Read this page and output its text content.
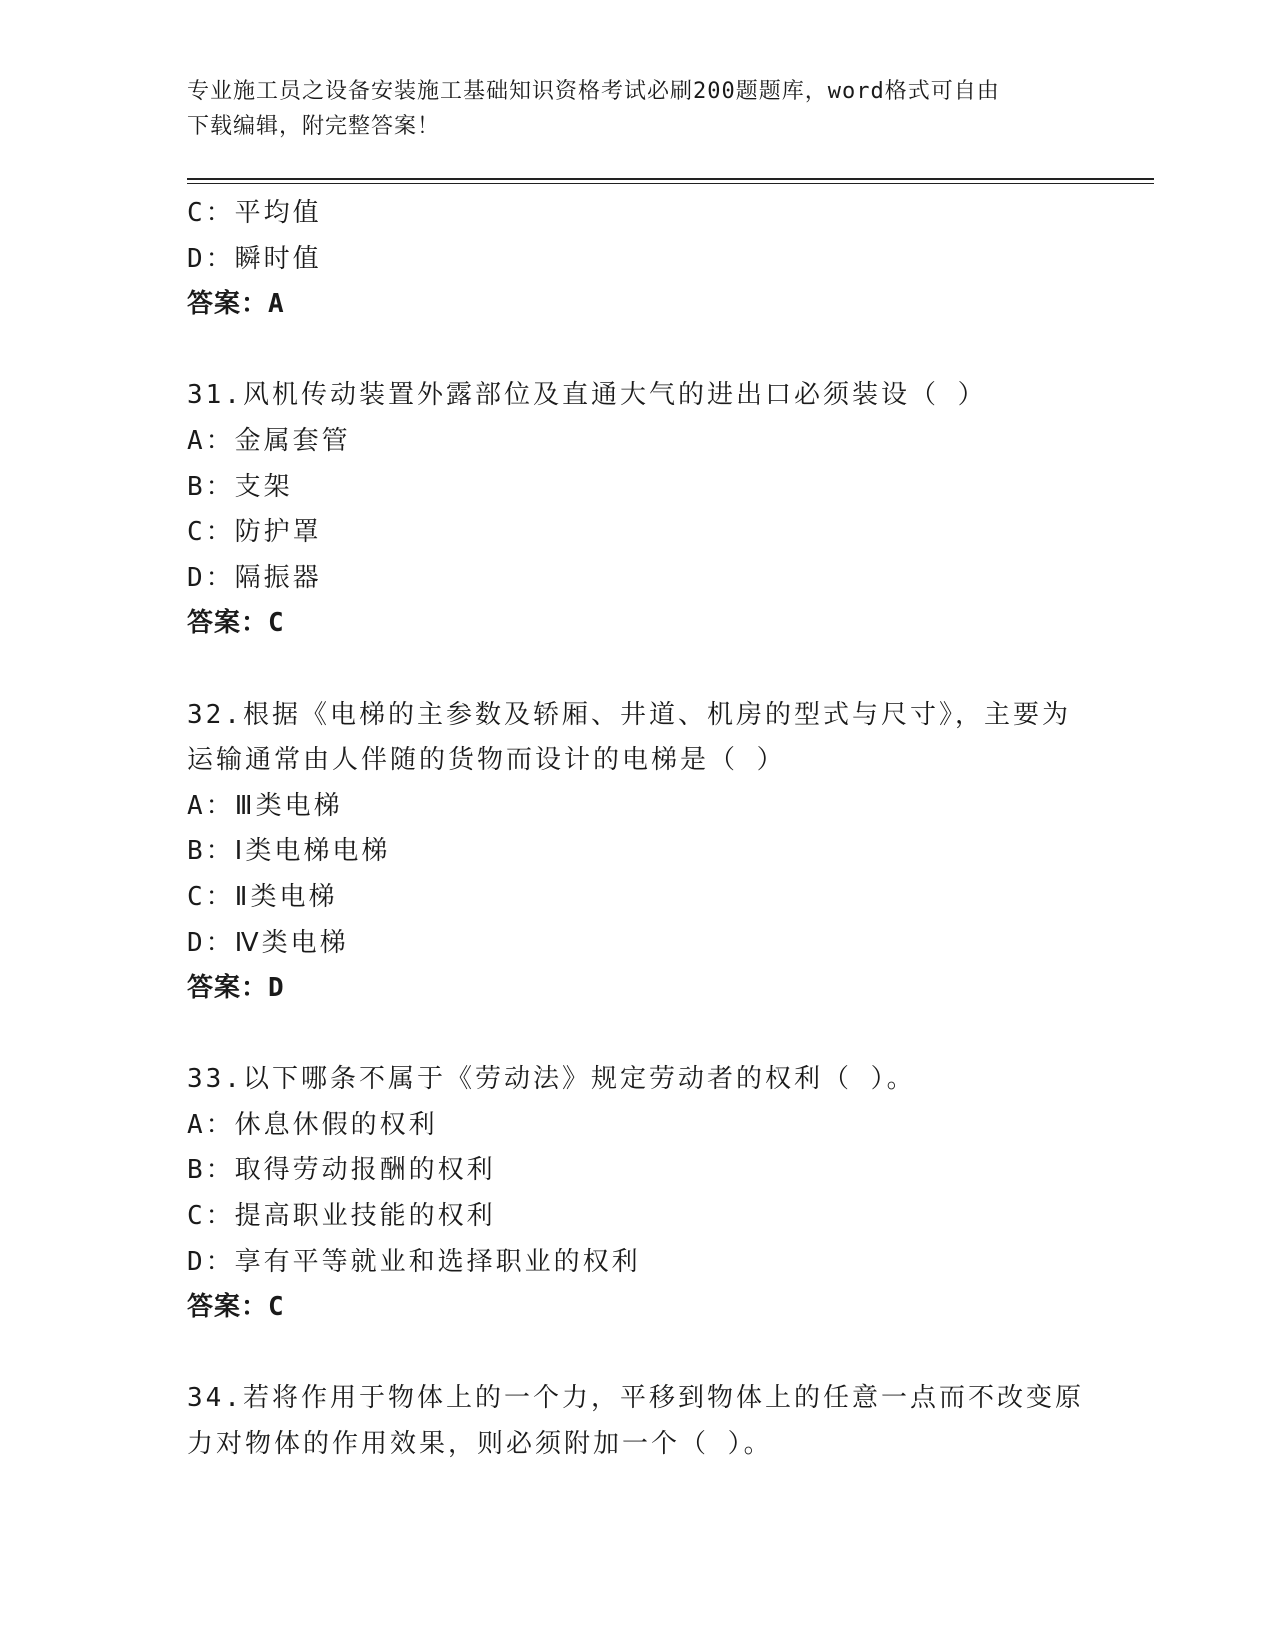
专业施工员之设备安装施工基础知识资格考试必刷200题题库，word格式可自由
下载编辑，附完整答案！
C：平均值
D：瞬时值
答案：A
31.风机传动装置外露部位及直通大气的进出口必须装设（ ）
A：金属套管
B：支架
C：防护罩
D：隔振器
答案：C
32.根据《电梯的主参数及轿厢、井道、机房的型式与尺寸》，主要为
运输通常由人伴随的货物而设计的电梯是（ ）
A：Ⅲ类电梯
B：Ⅰ类电梯电梯
C：Ⅱ类电梯
D：Ⅳ类电梯
答案：D
33.以下哪条不属于《劳动法》规定劳动者的权利（ ）。
A：休息休假的权利
B：取得劳动报酬的权利
C：提高职业技能的权利
D：享有平等就业和选择职业的权利
答案：C
34.若将作用于物体上的一个力，平移到物体上的任意一点而不改变原
力对物体的作用效果，则必须附加一个（ ）。
